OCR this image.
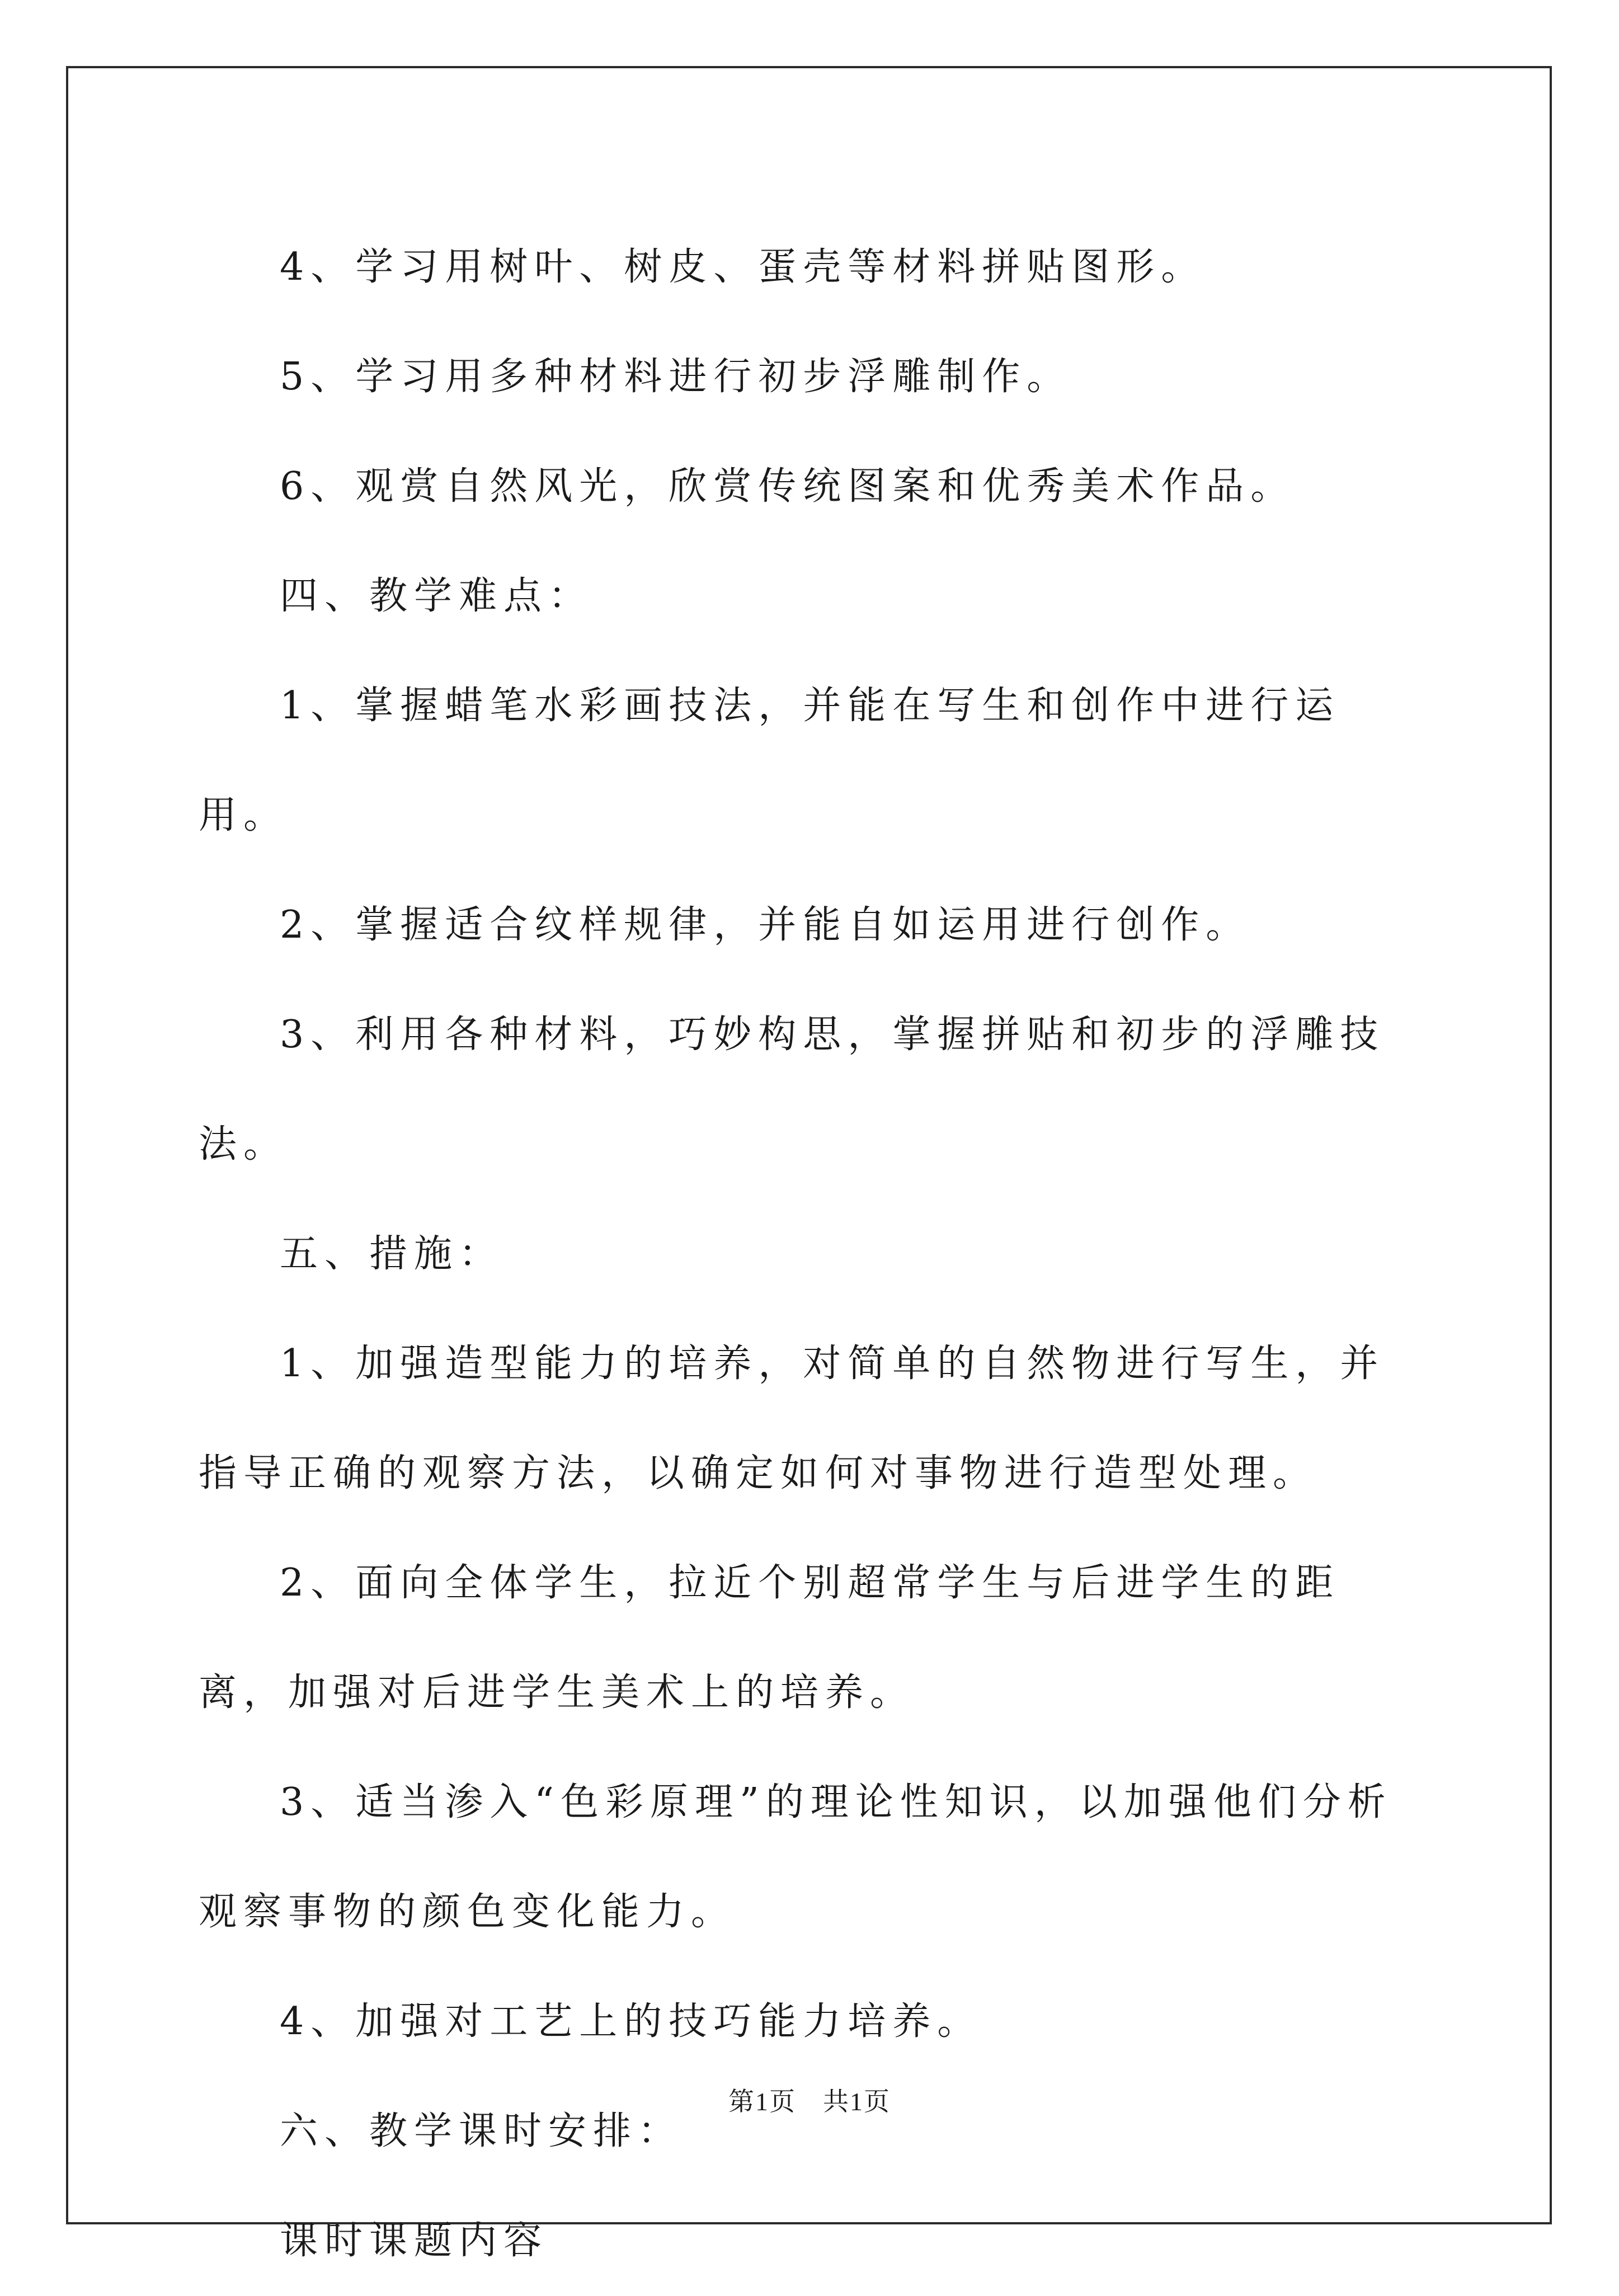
4、学习用树叶、树皮、蛋壳等材料拼贴图形。

5、学习用多种材料进行初步浮雕制作。

6、观赏自然风光，欣赏传统图案和优秀美术作品。

四、教学难点：

1、掌握蜡笔水彩画技法，并能在写生和创作中进行运用。

2、掌握适合纹样规律，并能自如运用进行创作。

3、利用各种材料，巧妙构思，掌握拼贴和初步的浮雕技法。

五、措施：

1、加强造型能力的培养，对简单的自然物进行写生，并指导正确的观察方法，以确定如何对事物进行造型处理。

2、面向全体学生，拉近个别超常学生与后进学生的距离，加强对后进学生美术上的培养。

3、适当渗入“色彩原理”的理论性知识，以加强他们分析观察事物的颜色变化能力。

4、加强对工艺上的技巧能力培养。

六、教学课时安排：

课时课题内容

第1页 共1页
